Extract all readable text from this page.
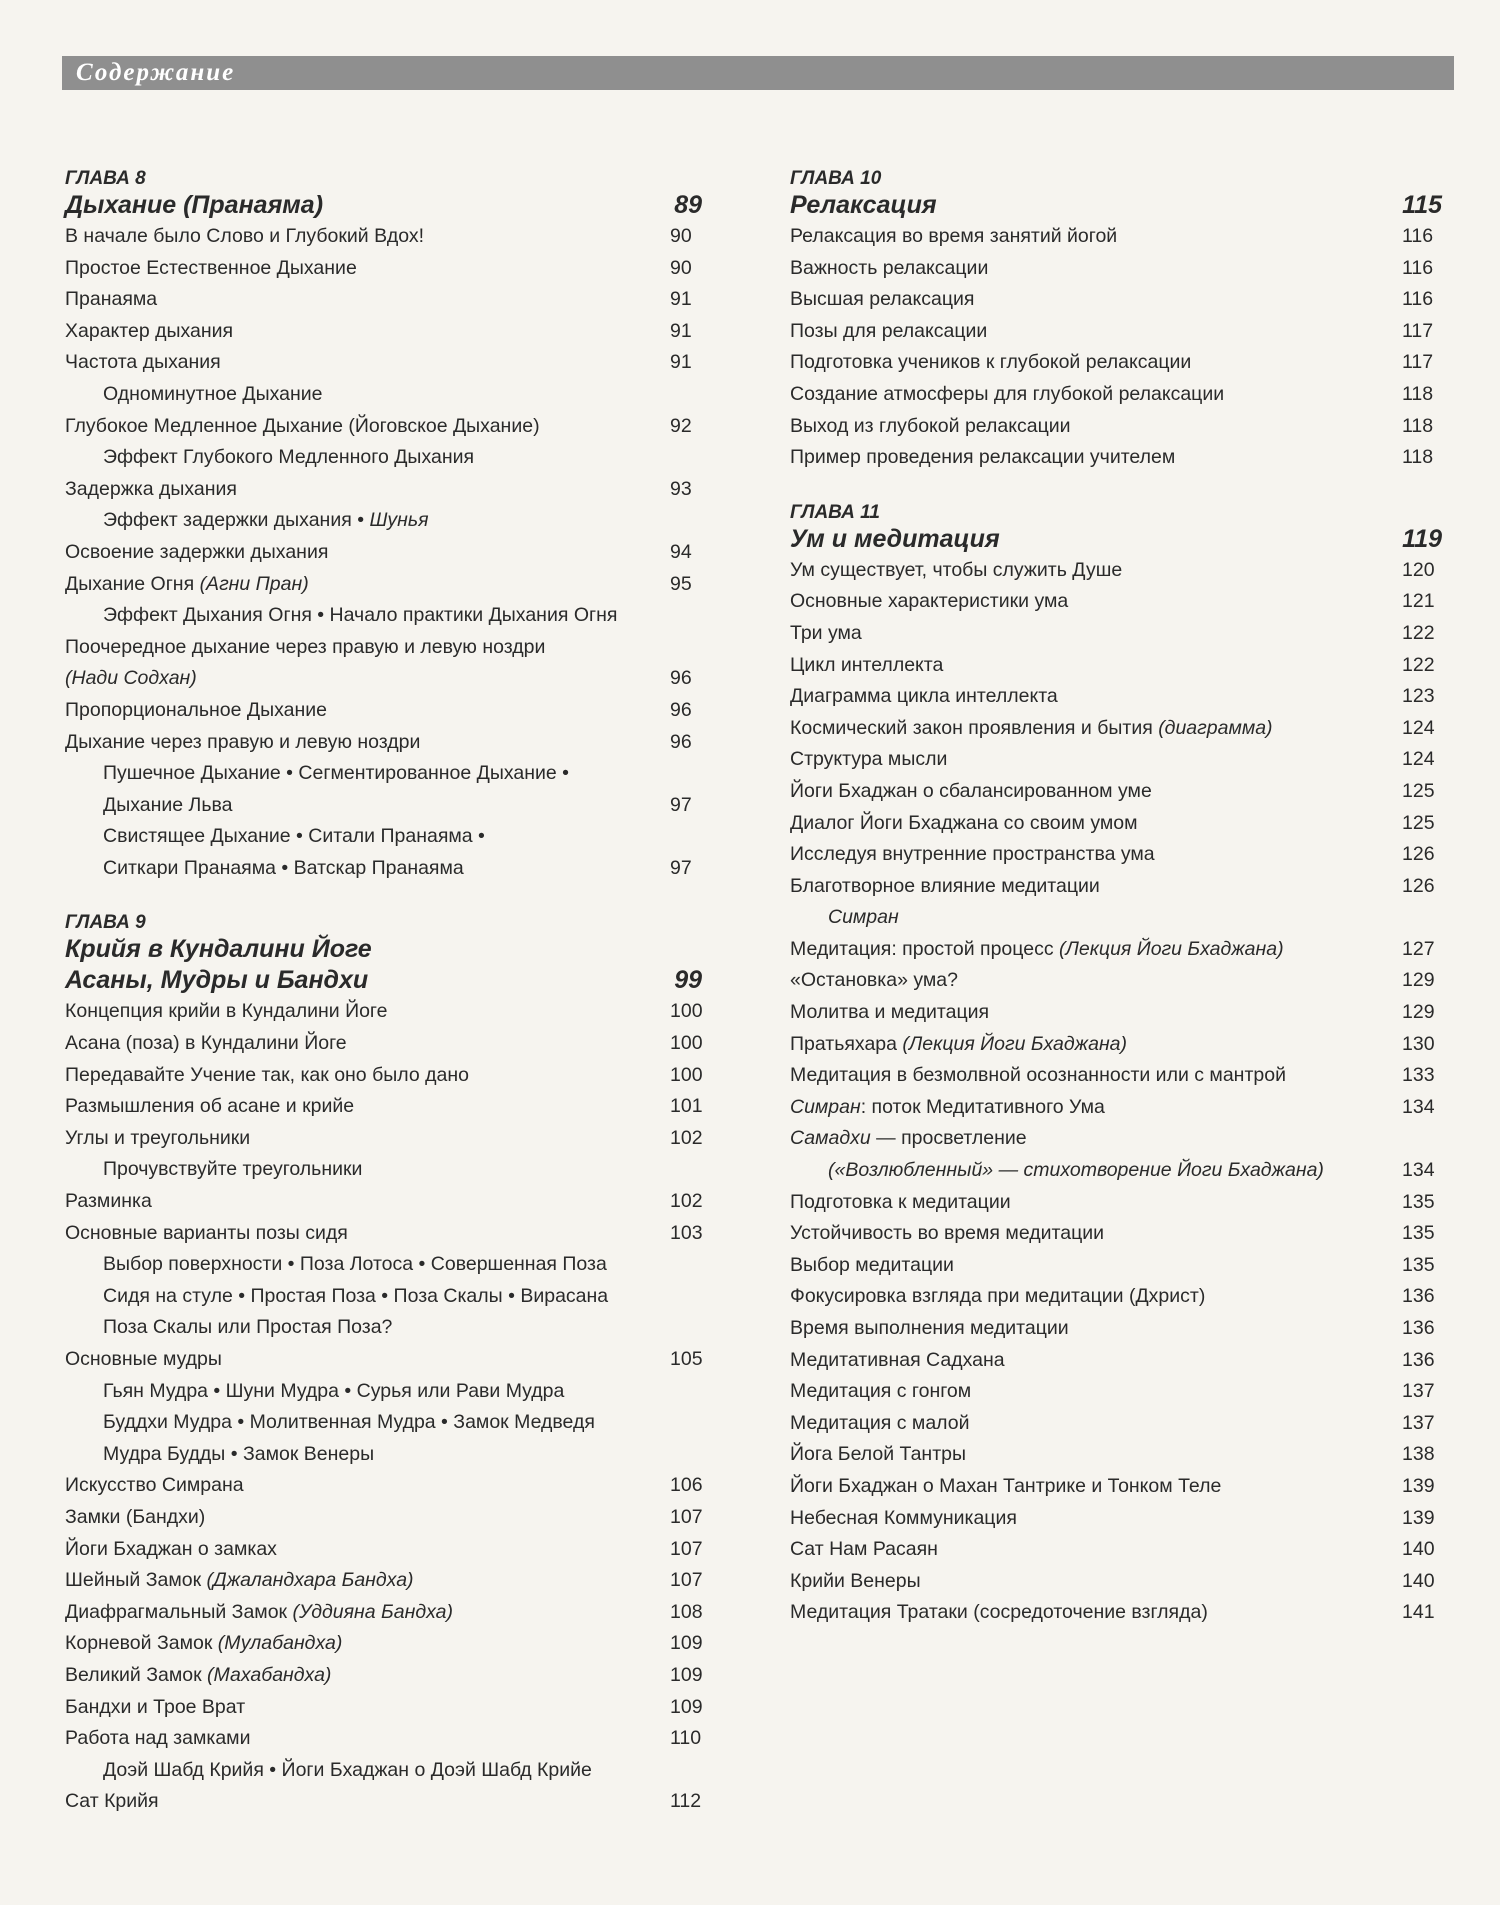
Содержание
ГЛАВА 8
Дыхание (Пранаяма)	89
В начале было Слово и Глубокий Вдох!	90
Простое Естественное Дыхание	90
Пранаяма	91
Характер дыхания	91
Частота дыхания	91
Одноминутное Дыхание
Глубокое Медленное Дыхание (Йоговское Дыхание)	92
Эффект Глубокого Медленного Дыхания
Задержка дыхания	93
Эффект задержки дыхания • Шунья
Освоение задержки дыхания	94
Дыхание Огня (Агни Пран)	95
Эффект Дыхания Огня • Начало практики Дыхания Огня
Поочередное дыхание через правую и левую ноздри
(Нади Содхан)	96
Пропорциональное Дыхание	96
Дыхание через правую и левую ноздри	96
Пушечное Дыхание • Сегментированное Дыхание •
Дыхание Льва	97
Свистящее Дыхание • Ситали Пранаяма •
Ситкари Пранаяма • Ватскар Пранаяма	97
ГЛАВА 9
Крийя в Кундалини Йоге
Асаны, Мудры и Бандхи	99
Концепция крийи в Кундалини Йоге	100
Асана (поза) в Кундалини Йоге	100
Передавайте Учение так, как оно было дано	100
Размышления об асане и крийе	101
Углы и треугольники	102
Прочувствуйте треугольники
Разминка	102
Основные варианты позы сидя	103
Выбор поверхности • Поза Лотоса • Совершенная Поза
Сидя на стуле • Простая Поза • Поза Скалы • Вирасана
Поза Скалы или Простая Поза?
Основные мудры	105
Гьян Мудра • Шуни Мудра • Сурья или Рави Мудра
Буддхи Мудра • Молитвенная Мудра • Замок Медведя
Мудра Будды • Замок Венеры
Искусство Симрана	106
Замки (Бандхи)	107
Йоги Бхаджан о замках	107
Шейный Замок (Джаландхара Бандха)	107
Диафрагмальный Замок (Уддияна Бандха)	108
Корневой Замок (Мулабандха)	109
Великий Замок (Махабандха)	109
Бандхи и Трое Врат	109
Работа над замками	110
Доэй Шабд Крийя • Йоги Бхаджан о Доэй Шабд Крийе
Сат Крийя	112
ГЛАВА 10
Релаксация	115
Релаксация во время занятий йогой	116
Важность релаксации	116
Высшая релаксация	116
Позы для релаксации	117
Подготовка учеников к глубокой релаксации	117
Создание атмосферы для глубокой релаксации	118
Выход из глубокой релаксации	118
Пример проведения релаксации учителем	118
ГЛАВА 11
Ум и медитация	119
Ум существует, чтобы служить Душе	120
Основные характеристики ума	121
Три ума	122
Цикл интеллекта	122
Диаграмма цикла интеллекта	123
Космический закон проявления и бытия (диаграмма)	124
Структура мысли	124
Йоги Бхаджан о сбалансированном уме	125
Диалог Йоги Бхаджана со своим умом	125
Исследуя внутренние пространства ума	126
Благотворное влияние медитации	126
Симран
Медитация: простой процесс (Лекция Йоги Бхаджана)	127
«Остановка» ума?	129
Молитва и медитация	129
Пратьяхара (Лекция Йоги Бхаджана)	130
Медитация в безмолвной осознанности или с мантрой	133
Симран: поток Медитативного Ума	134
Самадхи — просветление
(«Возлюбленный» — стихотворение Йоги Бхаджана)	134
Подготовка к медитации	135
Устойчивость во время медитации	135
Выбор медитации	135
Фокусировка взгляда при медитации (Дхрист)	136
Время выполнения медитации	136
Медитативная Садхана	136
Медитация с гонгом	137
Медитация с малой	137
Йога Белой Тантры	138
Йоги Бхаджан о Махан Тантрике и Тонком Теле	139
Небесная Коммуникация	139
Сат Нам Расаян	140
Крийи Венеры	140
Медитация Тратаки (сосредоточение взгляда)	141
